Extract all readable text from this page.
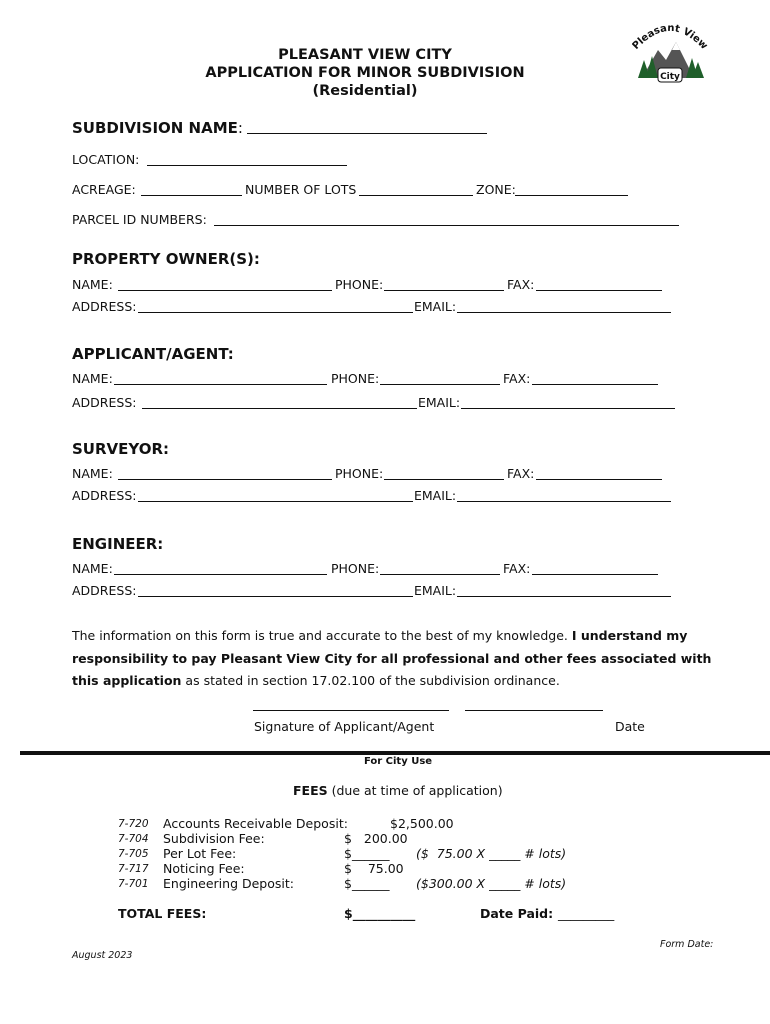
City
leasant View
PLEASANT VIEW CITY
APPLICATION FOR MINOR SUBDIVISION
(Residential)
SUBDIVISION NAME:
LOCATION:
ACREAGE:	NUMBER OF LOTS	ZONE:
PARCEL ID NUMBERS:
PROPERTY OWNER(S):
NAME:	PHONE:	FAX:
ADDRESS:	EMAIL:
APPLICANT/AGENT:
NAME:	PHONE:	FAX:
ADDRESS:	EMAIL:
SURVEYOR:
NAME:	PHONE:	FAX:
ADDRESS:	EMAIL:
ENGINEER:
NAME:	PHONE:	FAX:
ADDRESS:	EMAIL:
The information on this form is true and accurate to the best of my knowledge. I understand my responsibility to pay Pleasant View City for all professional and other fees associated with this application as stated in section 17.02.100 of the subdivision ordinance.
Signature of Applicant/Agent	Date
For City Use
FEES (due at time of application)
7-720 Accounts Receivable Deposit:	$2,500.00
7-704 Subdivision Fee:	$   200.00
7-705 Per Lot Fee:	$______ ($  75.00 X _____ # lots)
7-717 Noticing Fee:	$    75.00
7-701 Engineering Deposit:	$______ ($300.00 X _____ # lots)
TOTAL FEES:	$__________	Date Paid: _________
Form Date:
August 2023
